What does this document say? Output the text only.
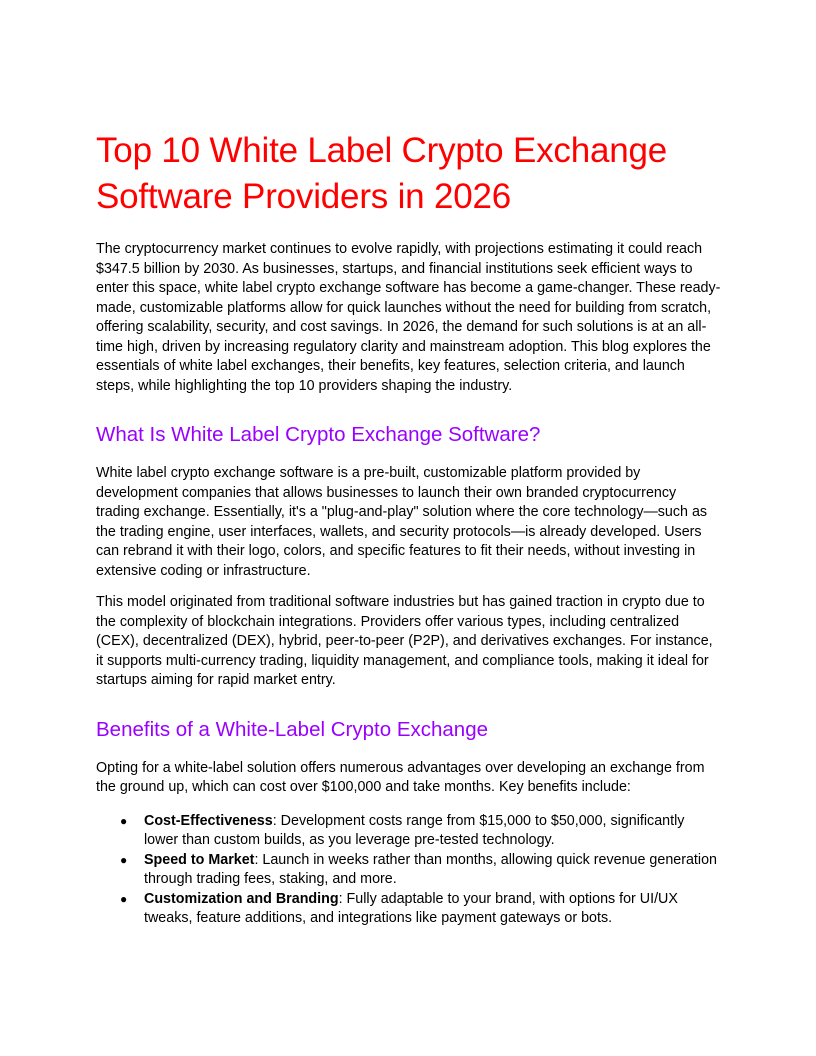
Top 10 White Label Crypto Exchange Software Providers in 2026

The cryptocurrency market continues to evolve rapidly, with projections estimating it could reach $347.5 billion by 2030. As businesses, startups, and financial institutions seek efficient ways to enter this space, white label crypto exchange software has become a game-changer. These ready-made, customizable platforms allow for quick launches without the need for building from scratch, offering scalability, security, and cost savings. In 2026, the demand for such solutions is at an all-time high, driven by increasing regulatory clarity and mainstream adoption. This blog explores the essentials of white label exchanges, their benefits, key features, selection criteria, and launch steps, while highlighting the top 10 providers shaping the industry.

What Is White Label Crypto Exchange Software?

White label crypto exchange software is a pre-built, customizable platform provided by development companies that allows businesses to launch their own branded cryptocurrency trading exchange. Essentially, it's a "plug-and-play" solution where the core technology—such as the trading engine, user interfaces, wallets, and security protocols—is already developed. Users can rebrand it with their logo, colors, and specific features to fit their needs, without investing in extensive coding or infrastructure.

This model originated from traditional software industries but has gained traction in crypto due to the complexity of blockchain integrations. Providers offer various types, including centralized (CEX), decentralized (DEX), hybrid, peer-to-peer (P2P), and derivatives exchanges. For instance, it supports multi-currency trading, liquidity management, and compliance tools, making it ideal for startups aiming for rapid market entry.

Benefits of a White-Label Crypto Exchange

Opting for a white-label solution offers numerous advantages over developing an exchange from the ground up, which can cost over $100,000 and take months. Key benefits include:

● Cost-Effectiveness: Development costs range from $15,000 to $50,000, significantly lower than custom builds, as you leverage pre-tested technology.
● Speed to Market: Launch in weeks rather than months, allowing quick revenue generation through trading fees, staking, and more.
● Customization and Branding: Fully adaptable to your brand, with options for UI/UX tweaks, feature additions, and integrations like payment gateways or bots.
